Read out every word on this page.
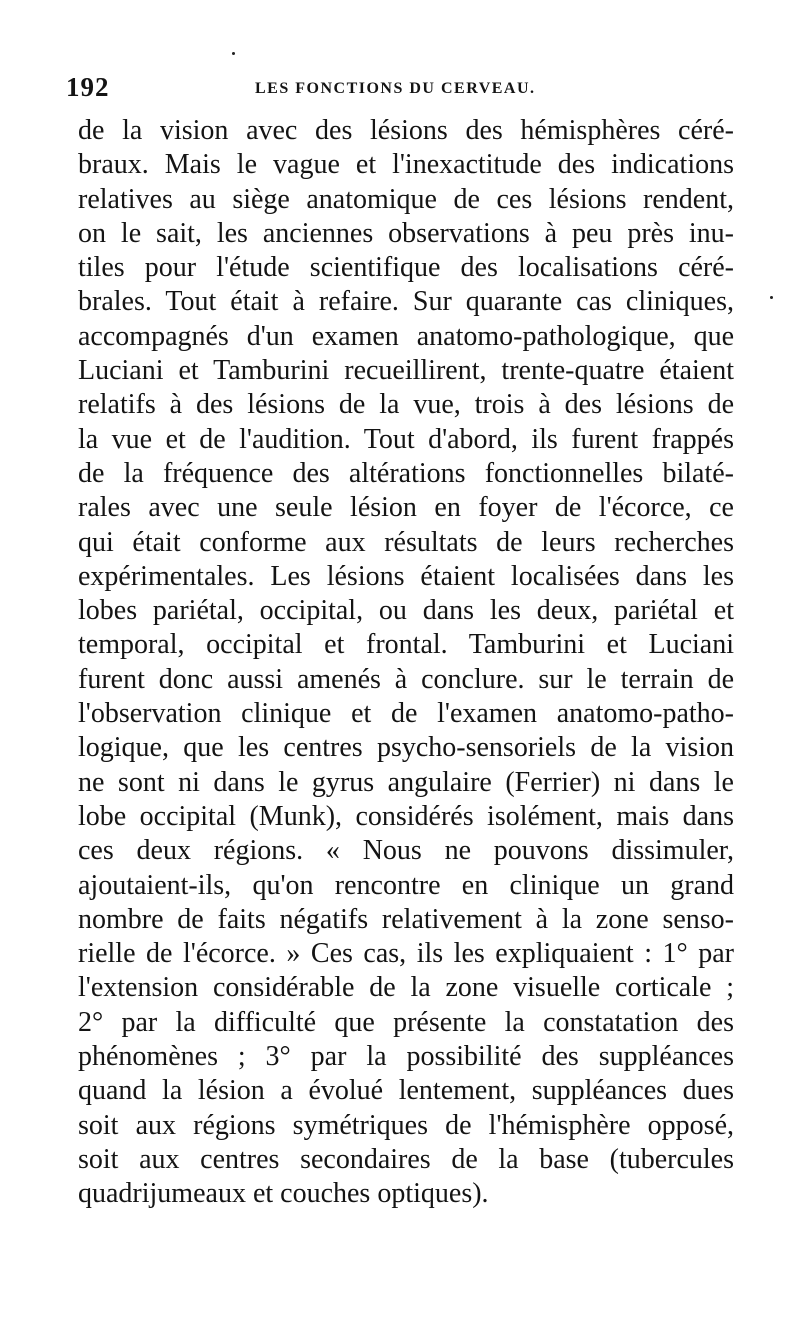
192	LES FONCTIONS DU CERVEAU.
de la vision avec des lésions des hémisphères céré-
braux. Mais le vague et l'inexactitude des indications
relatives au siège anatomique de ces lésions rendent,
on le sait, les anciennes observations à peu près inu-
tiles pour l'étude scientifique des localisations céré-
brales. Tout était à refaire. Sur quarante cas cliniques,
accompagnés d'un examen anatomo-pathologique, que
Luciani et Tamburini recueillirent, trente-quatre étaient
relatifs à des lésions de la vue, trois à des lésions de
la vue et de l'audition. Tout d'abord, ils furent frappés
de la fréquence des altérations fonctionnelles bilaté-
rales avec une seule lésion en foyer de l'écorce, ce
qui était conforme aux résultats de leurs recherches
expérimentales. Les lésions étaient localisées dans les
lobes pariétal, occipital, ou dans les deux, pariétal et
temporal, occipital et frontal. Tamburini et Luciani
furent donc aussi amenés à conclure. sur le terrain de
l'observation clinique et de l'examen anatomo-patho-
logique, que les centres psycho-sensoriels de la vision
ne sont ni dans le gyrus angulaire (Ferrier) ni dans le
lobe occipital (Munk), considérés isolément, mais dans
ces deux régions. « Nous ne pouvons dissimuler,
ajoutaient-ils, qu'on rencontre en clinique un grand
nombre de faits négatifs relativement à la zone senso-
rielle de l'écorce. » Ces cas, ils les expliquaient : 1° par
l'extension considérable de la zone visuelle corticale ;
2° par la difficulté que présente la constatation des
phénomènes ; 3° par la possibilité des suppléances
quand la lésion a évolué lentement, suppléances dues
soit aux régions symétriques de l'hémisphère opposé,
soit aux centres secondaires de la base (tubercules
quadrijumeaux et couches optiques).
